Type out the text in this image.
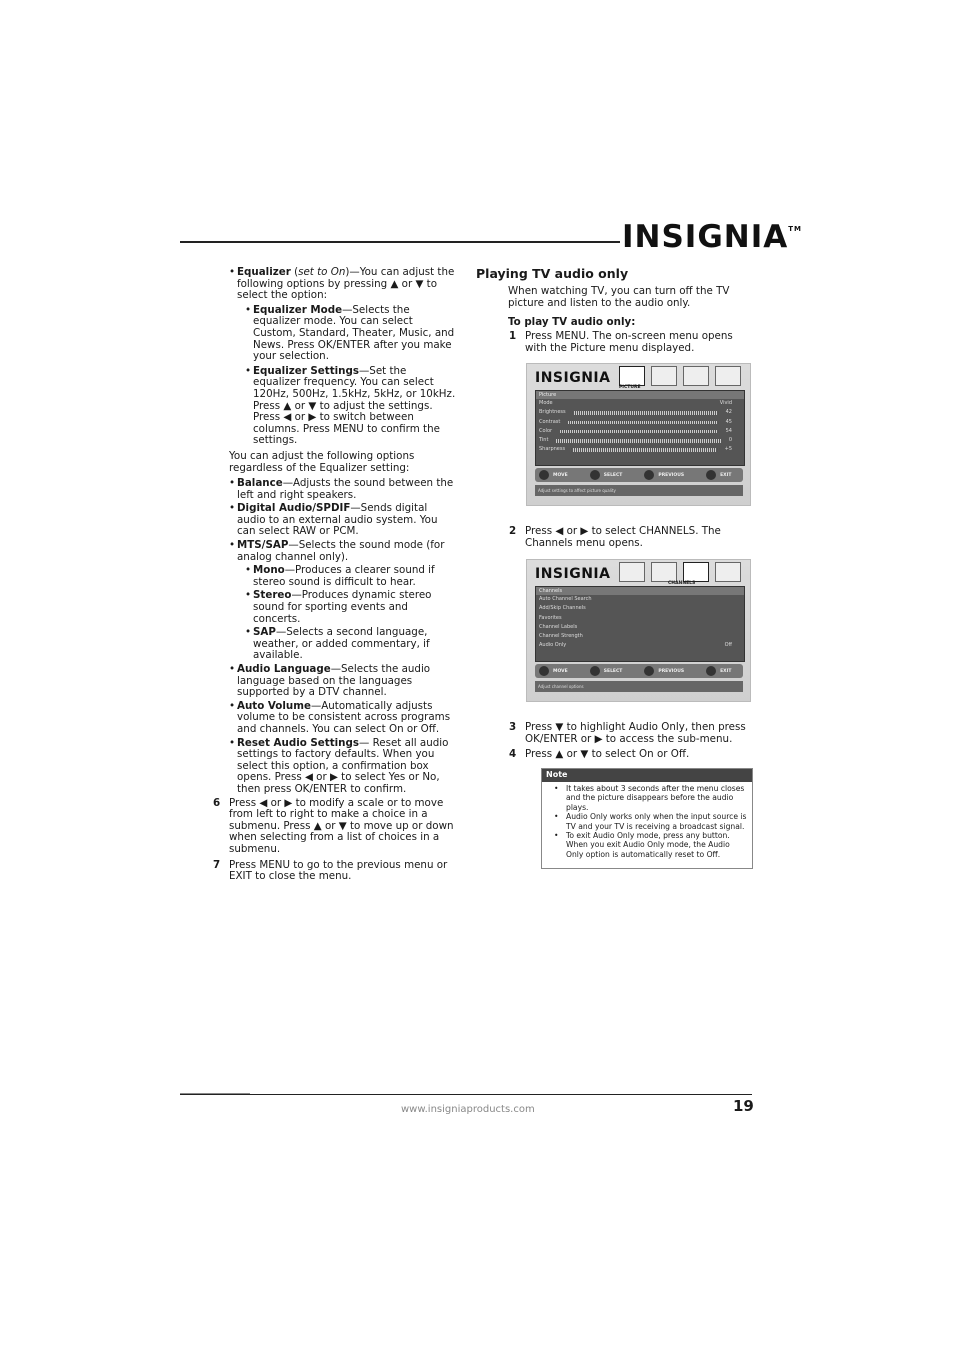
INSIGNIA™
• Equalizer (set to On)—You can adjust the following options by pressing ▲ or ▼ to select the option:
• Equalizer Mode—Selects the equalizer mode. You can select Custom, Standard, Theater, Music, and News. Press OK/ENTER after you make your selection.
• Equalizer Settings—Set the equalizer frequency. You can select 120Hz, 500Hz, 1.5kHz, 5kHz, or 10kHz. Press ▲ or ▼ to adjust the settings. Press ◀ or ▶ to switch between columns. Press MENU to confirm the settings.

You can adjust the following options regardless of the Equalizer setting:

• Balance—Adjusts the sound between the left and right speakers.
• Digital Audio/SPDIF—Sends digital audio to an external audio system. You can select RAW or PCM.
• MTS/SAP—Selects the sound mode (for analog channel only).
• Mono—Produces a clearer sound if stereo sound is difficult to hear.
• Stereo—Produces dynamic stereo sound for sporting events and concerts.
• SAP—Selects a second language, weather, or added commentary, if available.
• Audio Language—Selects the audio language based on the languages supported by a DTV channel.
• Auto Volume—Automatically adjusts volume to be consistent across programs and channels. You can select On or Off.
• Reset Audio Settings— Reset all audio settings to factory defaults. When you select this option, a confirmation box opens. Press ◀ or ▶ to select Yes or No, then press OK/ENTER to confirm.
6 Press ◀ or ▶ to modify a scale or to move from left to right to make a choice in a submenu. Press ▲ or ▼ to move up or down when selecting from a list of choices in a submenu.
7 Press MENU to go to the previous menu or EXIT to close the menu.
Playing TV audio only

When watching TV, you can turn off the TV picture and listen to the audio only.

To play TV audio only:
1 Press MENU. The on-screen menu opens with the Picture menu displayed.
INSIGNIA
PICTURE
Picture
Mode	Vivid
Brightness	42
Contrast	45
Color	54
Tint	0
Sharpness	+5
MOVE	SELECT	PREVIOUS	EXIT
Adjust settings to affect picture quality
2 Press ◀ or ▶ to select CHANNELS. The Channels menu opens.
INSIGNIA
CHANNELS
Channels
Auto Channel Search
Add/Skip Channels
Favorites
Channel Labels
Channel Strength
Audio Only	Off
MOVE	SELECT	PREVIOUS	EXIT
Adjust channel options
3 Press ▼ to highlight Audio Only, then press OK/ENTER or ▶ to access the sub-menu.
4 Press ▲ or ▼ to select On or Off.
Note
• It takes about 3 seconds after the menu closes and the picture disappears before the audio plays.
• Audio Only works only when the input source is TV and your TV is receiving a broadcast signal.
• To exit Audio Only mode, press any button. When you exit Audio Only mode, the Audio Only option is automatically reset to Off.
www.insigniaproducts.com	19
